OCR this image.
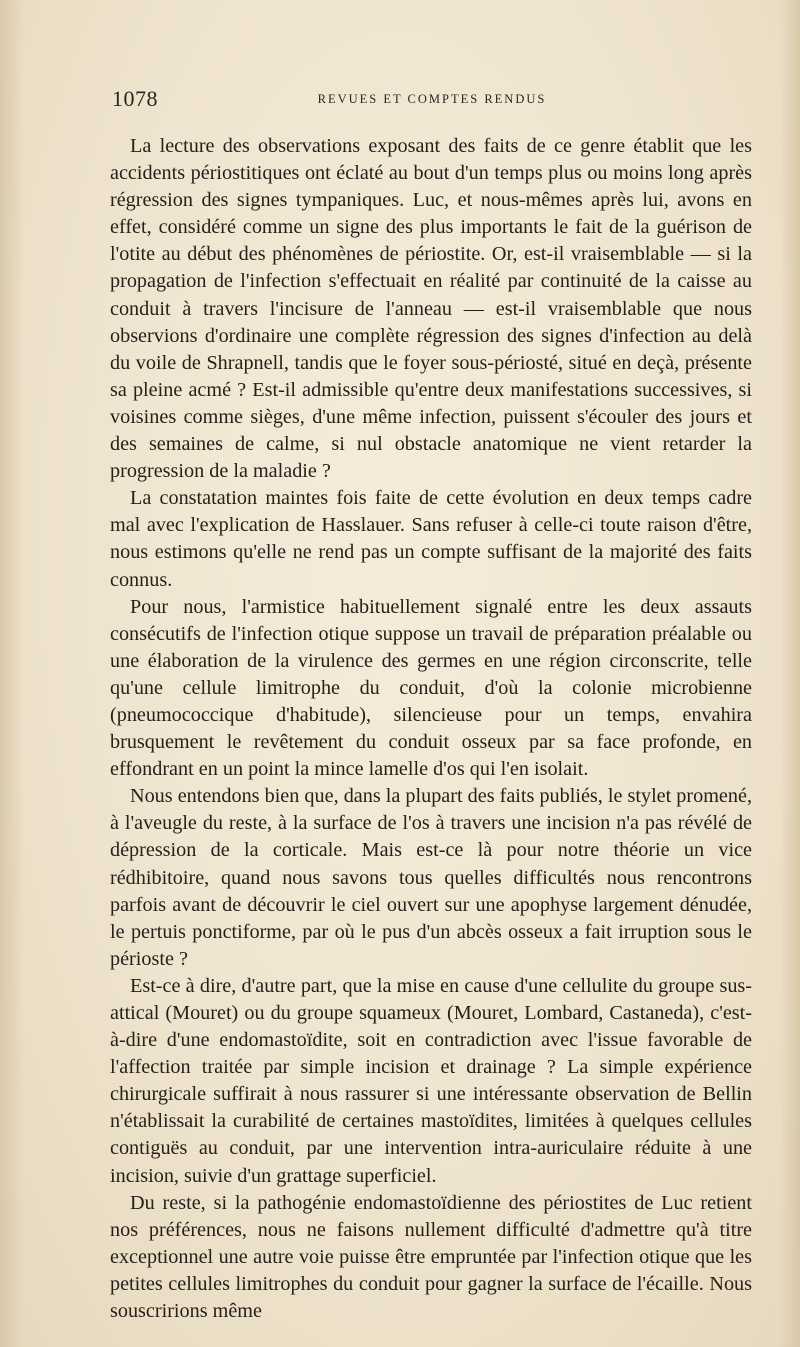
1078	REVUES ET COMPTES RENDUS

La lecture des observations exposant des faits de ce genre établit que les accidents périostitiques ont éclaté au bout d'un temps plus ou moins long après régression des signes tympaniques. Luc, et nous-mêmes après lui, avons en effet, considéré comme un signe des plus importants le fait de la guérison de l'otite au début des phénomènes de périostite. Or, est-il vraisemblable — si la propagation de l'infection s'effectuait en réalité par continuité de la caisse au conduit à travers l'incisure de l'anneau — est-il vraisemblable que nous observions d'ordinaire une complète régression des signes d'infection au delà du voile de Shrapnell, tandis que le foyer sous-périosté, situé en deçà, présente sa pleine acmé ? Est-il admissible qu'entre deux manifestations successives, si voisines comme sièges, d'une même infection, puissent s'écouler des jours et des semaines de calme, si nul obstacle anatomique ne vient retarder la progression de la maladie ?

La constatation maintes fois faite de cette évolution en deux temps cadre mal avec l'explication de Hasslauer. Sans refuser à celle-ci toute raison d'être, nous estimons qu'elle ne rend pas un compte suffisant de la majorité des faits connus.

Pour nous, l'armistice habituellement signalé entre les deux assauts consécutifs de l'infection otique suppose un travail de préparation préalable ou une élaboration de la virulence des germes en une région circonscrite, telle qu'une cellule limitrophe du conduit, d'où la colonie microbienne (pneumococcique d'habitude), silencieuse pour un temps, envahira brusquement le revêtement du conduit osseux par sa face profonde, en effondrant en un point la mince lamelle d'os qui l'en isolait.

Nous entendons bien que, dans la plupart des faits publiés, le stylet promené, à l'aveugle du reste, à la surface de l'os à travers une incision n'a pas révélé de dépression de la corticale. Mais est-ce là pour notre théorie un vice rédhibitoire, quand nous savons tous quelles difficultés nous rencontrons parfois avant de découvrir le ciel ouvert sur une apophyse largement dénudée, le pertuis ponctiforme, par où le pus d'un abcès osseux a fait irruption sous le périoste ?

Est-ce à dire, d'autre part, que la mise en cause d'une cellulite du groupe sus-attical (Mouret) ou du groupe squameux (Mouret, Lombard, Castaneda), c'est-à-dire d'une endomastoïdite, soit en contradiction avec l'issue favorable de l'affection traitée par simple incision et drainage ? La simple expérience chirurgicale suffirait à nous rassurer si une intéressante observation de Bellin n'établissait la curabilité de certaines mastoïdites, limitées à quelques cellules contiguës au conduit, par une intervention intra-auriculaire réduite à une incision, suivie d'un grattage superficiel.

Du reste, si la pathogénie endomastoïdienne des périostites de Luc retient nos préférences, nous ne faisons nullement difficulté d'admettre qu'à titre exceptionnel une autre voie puisse être empruntée par l'infection otique que les petites cellules limitrophes du conduit pour gagner la surface de l'écaille. Nous souscririons même
